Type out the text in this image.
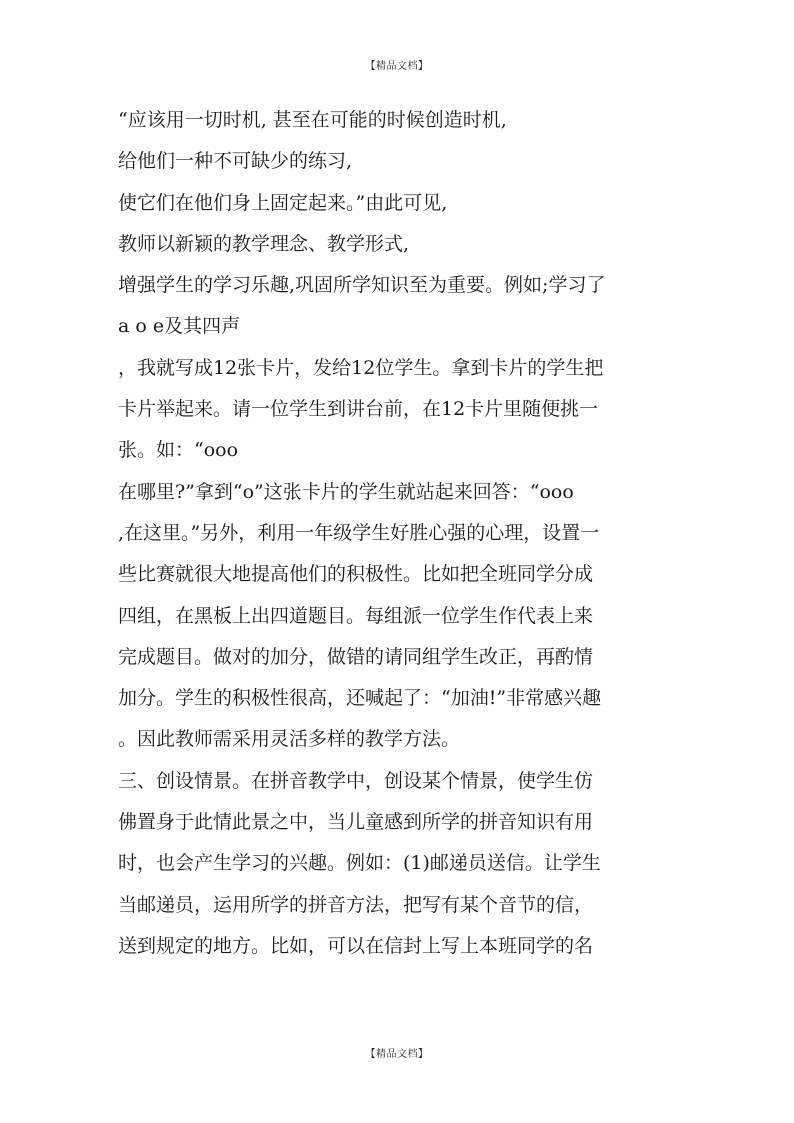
【精品文档】
“应该用一切时机, 甚至在可能的时候创造时机,
给他们一种不可缺少的练习,
使它们在他们身上固定起来。”由此可见,
教师以新颖的教学理念、教学形式,
增强学生的学习乐趣,巩固所学知识至为重要。例如;学习了
a o e及其四声
，我就写成12张卡片，发给12位学生。拿到卡片的学生把
卡片举起来。请一位学生到讲台前，在12卡片里随便挑一
张。如：“ooo
在哪里?”拿到“o”这张卡片的学生就站起来回答：“ooo
,在这里。”另外，利用一年级学生好胜心强的心理，设置一
些比赛就很大地提高他们的积极性。比如把全班同学分成
四组，在黑板上出四道题目。每组派一位学生作代表上来
完成题目。做对的加分，做错的请同组学生改正，再酌情
加分。学生的积极性很高，还喊起了：“加油!”非常感兴趣
。因此教师需采用灵活多样的教学方法。
三、创设情景。在拼音教学中，创设某个情景，使学生仿
佛置身于此情此景之中，当儿童感到所学的拼音知识有用
时，也会产生学习的兴趣。例如：(1)邮递员送信。让学生
当邮递员，运用所学的拼音方法，把写有某个音节的信，
送到规定的地方。比如，可以在信封上写上本班同学的名
【精品文档】
